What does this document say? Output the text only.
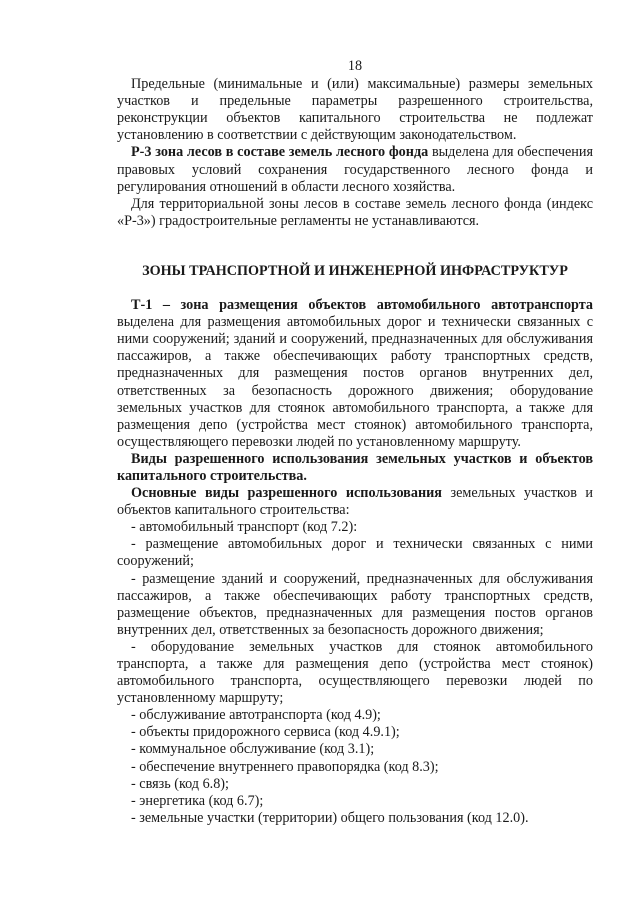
18

Предельные (минимальные и (или) максимальные) размеры земельных участков и предельные параметры разрешенного строительства, реконструкции объектов капитального строительства не подлежат установлению в соответствии с действующим законодательством.

Р-3 зона лесов в составе земель лесного фонда выделена для обеспечения правовых условий сохранения государственного лесного фонда и регулирования отношений в области лесного хозяйства.

Для территориальной зоны лесов в составе земель лесного фонда (индекс «Р-3») градостроительные регламенты не устанавливаются.

ЗОНЫ ТРАНСПОРТНОЙ И ИНЖЕНЕРНОЙ ИНФРАСТРУКТУР

Т-1 – зона размещения объектов автомобильного автотранспорта выделена для размещения автомобильных дорог и технически связанных с ними сооружений; зданий и сооружений, предназначенных для обслуживания пассажиров, а также обеспечивающих работу транспортных средств, предназначенных для размещения постов органов внутренних дел, ответственных за безопасность дорожного движения; оборудование земельных участков для стоянок автомобильного транспорта, а также для размещения депо (устройства мест стоянок) автомобильного транспорта, осуществляющего перевозки людей по установленному маршруту.

Виды разрешенного использования земельных участков и объектов капитального строительства.

Основные виды разрешенного использования земельных участков и объектов капитального строительства:

- автомобильный транспорт (код 7.2):

- размещение автомобильных дорог и технически связанных с ними сооружений;

- размещение зданий и сооружений, предназначенных для обслуживания пассажиров, а также обеспечивающих работу транспортных средств, размещение объектов, предназначенных для размещения постов органов внутренних дел, ответственных за безопасность дорожного движения;

- оборудование земельных участков для стоянок автомобильного транспорта, а также для размещения депо (устройства мест стоянок) автомобильного транспорта, осуществляющего перевозки людей по установленному маршруту;

- обслуживание автотранспорта (код 4.9);

- объекты придорожного сервиса (код 4.9.1);

- коммунальное обслуживание (код 3.1);

- обеспечение внутреннего правопорядка (код 8.3);

- связь (код 6.8);

- энергетика (код 6.7);

- земельные участки (территории) общего пользования (код 12.0).
